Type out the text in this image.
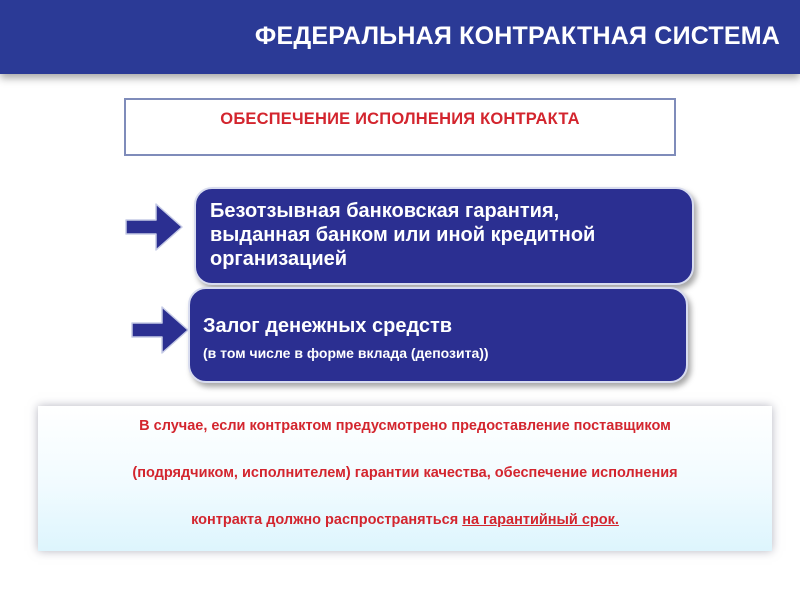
ФЕДЕРАЛЬНАЯ КОНТРАКТНАЯ СИСТЕМА
ОБЕСПЕЧЕНИЕ ИСПОЛНЕНИЯ КОНТРАКТА
Безотзывная банковская гарантия,
выданная банком или иной кредитной
организацией
Залог денежных средств
(в том числе в форме вклада (депозита))
В случае, если контрактом предусмотрено предоставление поставщиком
(подрядчиком, исполнителем) гарантии качества, обеспечение исполнения
контракта должно распространяться на гарантийный срок.
